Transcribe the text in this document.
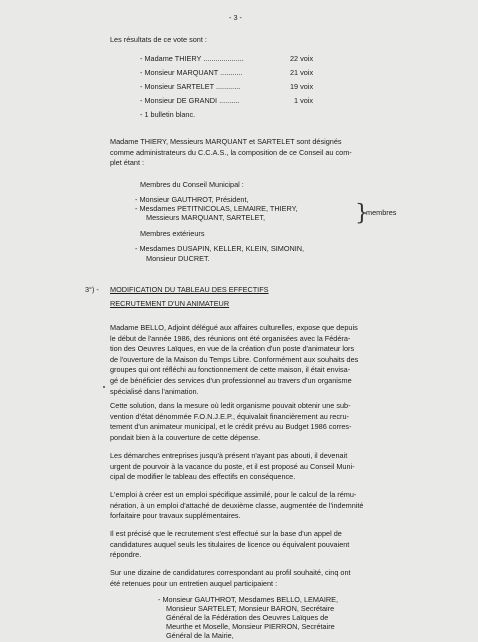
- 3 -
Les résultats de ce vote sont :
- Madame THIERY ....................	22 voix
- Monsieur MARQUANT ...........	21 voix
- Monsieur SARTELET ............	19 voix
- Monsieur DE GRANDI ..........	1 voix
- 1 bulletin blanc.

Madame THIERY, Messieurs MARQUANT et SARTELET sont désignés

comme administrateurs du C.C.A.S., la composition de ce Conseil au com-

plet étant :

Membres du Conseil Municipal :
- Monsieur GAUTHROT, Président,
- Mesdames PETITNICOLAS, LEMAIRE, THIERY,
Messieurs MARQUANT, SARTELET,	}
membres
Membres extérieurs
- Mesdames DUSAPIN, KELLER, KLEIN, SIMONIN,
Monsieur DUCRET.
3°) - MODIFICATION DU TABLEAU DES EFFECTIFS
RECRUTEMENT D'UN ANIMATEUR

Madame BELLO, Adjoint délégué aux affaires culturelles, expose que depuis

le début de l'année 1986, des réunions ont été organisées avec la Fédéra-

tion des Oeuvres Laïques, en vue de la création d'un poste d'animateur lors

de l'ouverture de la Maison du Temps Libre. Conformément aux souhaits des

groupes qui ont réfléchi au fonctionnement de cette maison, il était envisa-

gé de bénéficier des services d'un professionnel au travers d'un organisme

spécialisé dans l'animation.

Cette solution, dans la mesure où ledit organisme pouvait obtenir une sub-

vention d'état dénommée F.O.N.J.E.P., équivalait financièrement au recru-

tement d'un animateur municipal, et le crédit prévu au Budget 1986 corres-

pondait bien à la couverture de cette dépense.

Les démarches entreprises jusqu'à présent n'ayant pas abouti, il devenait

urgent de pourvoir à la vacance du poste, et il est proposé au Conseil Muni-

cipal de modifier le tableau des effectifs en conséquence.

L'emploi à créer est un emploi spécifique assimilé, pour le calcul de la rému-

nération, à un emploi d'attaché de deuxième classe, augmentée de l'indemnité

forfaitaire pour travaux supplémentaires.

Il est précisé que le recrutement s'est effectué sur la base d'un appel de

candidatures auquel seuls les titulaires de licence ou équivalent pouvaient

répondre.

Sur une dizaine de candidatures correspondant au profil souhaité, cinq ont

été retenues pour un entretien auquel participaient :

- Monsieur GAUTHROT, Mesdames BELLO, LEMAIRE,
Monsieur SARTELET, Monsieur BARON, Secrétaire
Général de la Fédération des Oeuvres Laïques de
Meurthe et Moselle, Monsieur PIERRON, Secrétaire
Général de la Mairie,
